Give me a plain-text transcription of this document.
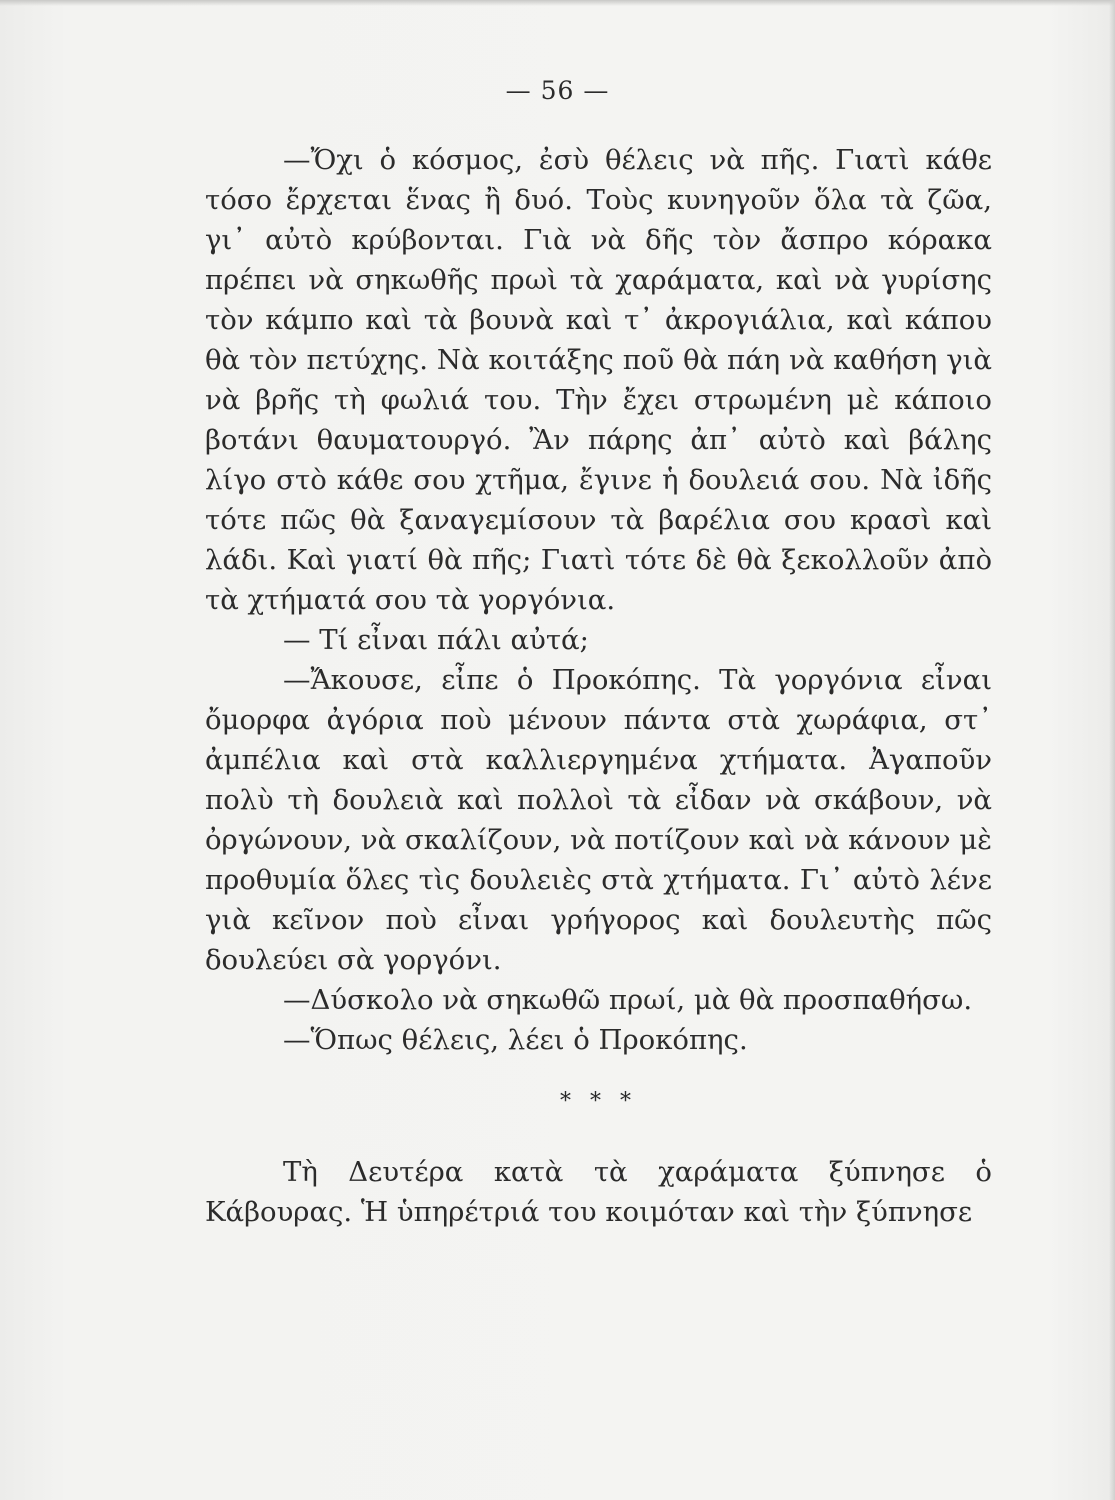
— 56 —

—Ὄχι ὁ κόσμος, ἐσὺ θέλεις νὰ πῆς. Γιατὶ κάθε τόσο ἔρχεται ἕνας ἢ δυό. Τοὺς κυνηγοῦν ὅλα τὰ ζῶα, γι᾿ αὐτὸ κρύβονται. Γιὰ νὰ δῆς τὸν ἄσπρο κόρακα πρέπει νὰ σηκωθῆς πρωὶ τὰ χαράματα, καὶ νὰ γυρίσης τὸν κάμπο καὶ τὰ βουνὰ καὶ τ᾿ ἀκρογιάλια, καὶ κάπου θὰ τὸν πετύχης. Νὰ κοιτάξης ποῦ θὰ πάη νὰ καθήση γιὰ νὰ βρῆς τὴ φωλιά του. Τὴν ἔχει στρωμένη μὲ κάποιο βοτάνι θαυματουργό. Ἂν πάρης ἀπ᾿ αὐτὸ καὶ βάλης λίγο στὸ κάθε σου χτῆμα, ἔγινε ἡ δουλειά σου. Νὰ ἰδῆς τότε πῶς θὰ ξαναγεμίσουν τὰ βαρέλια σου κρασὶ καὶ λάδι. Καὶ γιατί θὰ πῆς; Γιατὶ τότε δὲ θὰ ξεκολλοῦν ἀπὸ τὰ χτήματά σου τὰ γοργόνια.

— Τί εἶναι πάλι αὐτά;

—Ἄκουσε, εἶπε ὁ Προκόπης. Τὰ γοργόνια εἶναι ὄμορφα ἀγόρια ποὺ μένουν πάντα στὰ χωράφια, στ᾿ ἀμπέλια καὶ στὰ καλλιεργημένα χτήματα. Ἀγαποῦν πολὺ τὴ δουλειὰ καὶ πολλοὶ τὰ εἶδαν νὰ σκάβουν, νὰ ὀργώνουν, νὰ σκαλίζουν, νὰ ποτίζουν καὶ νὰ κάνουν μὲ προθυμία ὅλες τὶς δουλειὲς στὰ χτήματα. Γι᾿ αὐτὸ λένε γιὰ κεῖνον ποὺ εἶναι γρήγορος καὶ δουλευτὴς πῶς δουλεύει σὰ γοργόνι.

—Δύσκολο νὰ σηκωθῶ πρωί, μὰ θὰ προσπαθήσω.

—Ὅπως θέλεις, λέει ὁ Προκόπης.

* * *

Τὴ Δευτέρα κατὰ τὰ χαράματα ξύπνησε ὁ Κάβουρας. Ἡ ὑπηρέτριά του κοιμόταν καὶ τὴν ξύπνησε
